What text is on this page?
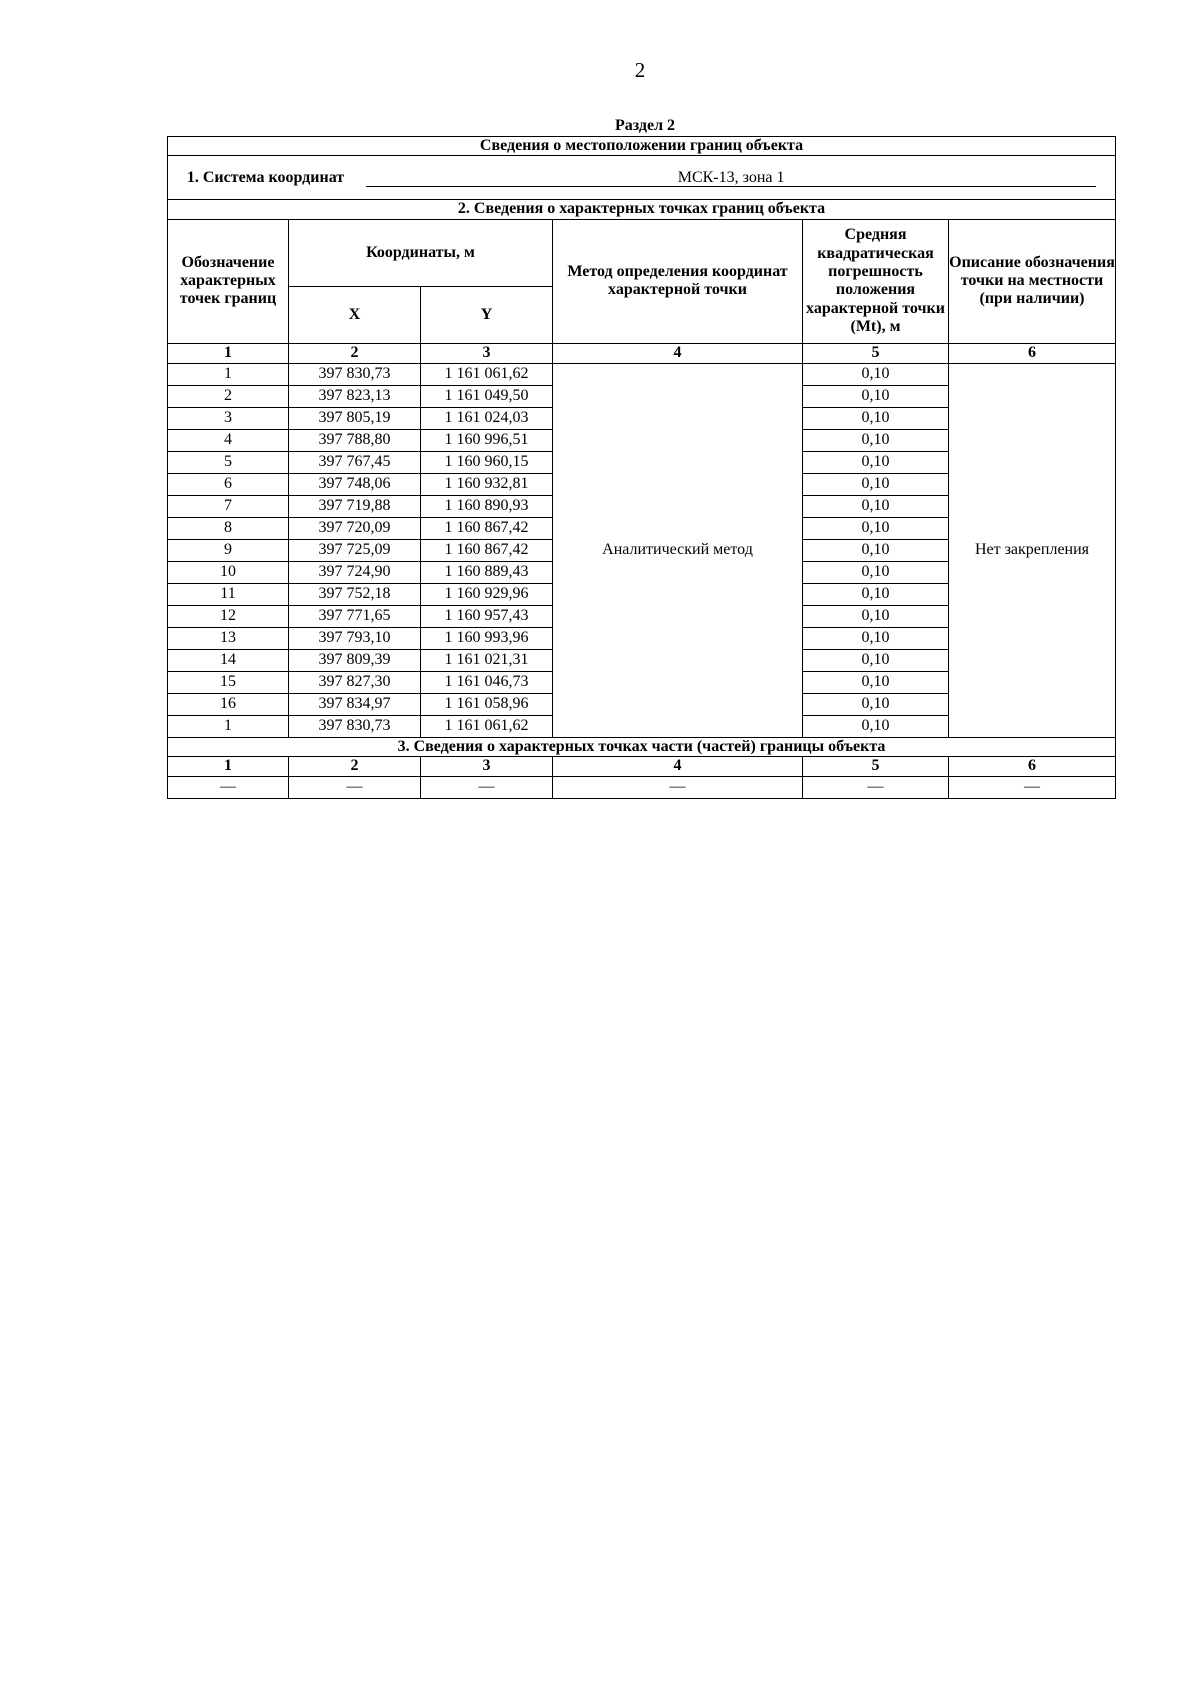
2
Раздел 2
Сведения о местоположении границ объекта					
1. Система координат МСК-13, зона 1					
2. Сведения о характерных точках границ объекта					
Обозначение характерных точек границ	Координаты, м		Метод определения координат характерной точки	Средняя квадратическая погрешность положения характерной точки (Mt), м	Описание обозначения точки на местности (при наличии)
	X	Y			
1	2	3	4	5	6
1	397 830,73	1 161 061,62	Аналитический метод	0,10	Нет закрепления
2	397 823,13	1 161 049,50		0,10	
3	397 805,19	1 161 024,03		0,10	
4	397 788,80	1 160 996,51		0,10	
5	397 767,45	1 160 960,15		0,10	
6	397 748,06	1 160 932,81		0,10	
7	397 719,88	1 160 890,93		0,10	
8	397 720,09	1 160 867,42		0,10	
9	397 725,09	1 160 867,42		0,10	
10	397 724,90	1 160 889,43		0,10	
11	397 752,18	1 160 929,96		0,10	
12	397 771,65	1 160 957,43		0,10	
13	397 793,10	1 160 993,96		0,10	
14	397 809,39	1 161 021,31		0,10	
15	397 827,30	1 161 046,73		0,10	
16	397 834,97	1 161 058,96		0,10	
1	397 830,73	1 161 061,62		0,10	
3. Сведения о характерных точках части (частей) границы объекта					
1	2	3	4	5	6
—	—	—	—	—	—
